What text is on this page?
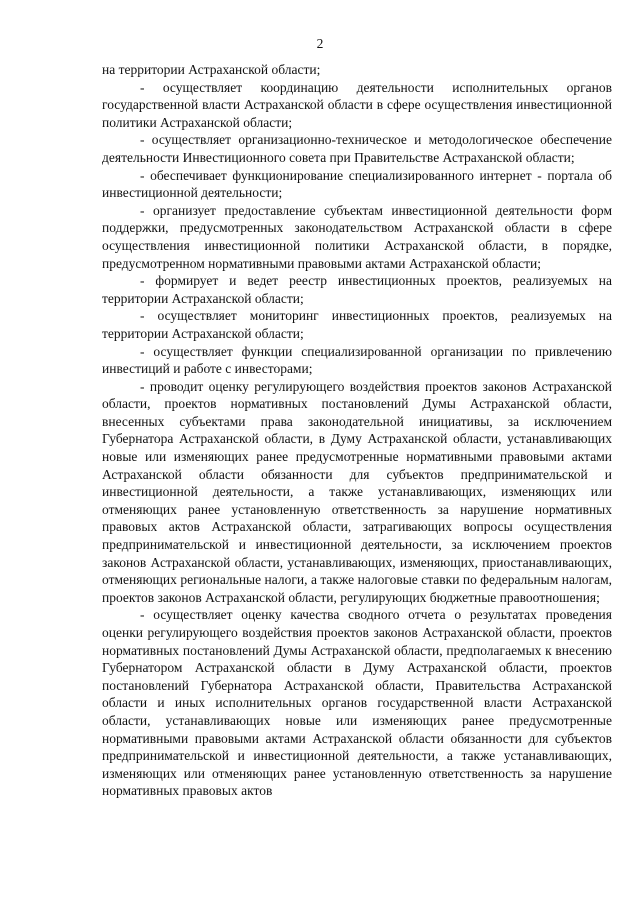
2

на территории Астраханской области;

- осуществляет координацию деятельности исполнительных органов государственной власти Астраханской области в сфере осуществления инвестиционной политики Астраханской области;

- осуществляет организационно-техническое и методологическое обеспечение деятельности Инвестиционного совета при Правительстве Астраханской области;

- обеспечивает функционирование специализированного интернет - портала об инвестиционной деятельности;

- организует предоставление субъектам инвестиционной деятельности форм поддержки, предусмотренных законодательством Астраханской области в сфере осуществления инвестиционной политики Астраханской области, в порядке, предусмотренном нормативными правовыми актами Астраханской области;

- формирует и ведет реестр инвестиционных проектов, реализуемых на территории Астраханской области;

- осуществляет мониторинг инвестиционных проектов, реализуемых на территории Астраханской области;

- осуществляет функции специализированной организации по привлечению инвестиций и работе с инвесторами;

- проводит оценку регулирующего воздействия проектов законов Астраханской области, проектов нормативных постановлений Думы Астраханской области, внесенных субъектами права законодательной инициативы, за исключением Губернатора Астраханской области, в Думу Астраханской области, устанавливающих новые или изменяющих ранее предусмотренные нормативными правовыми актами Астраханской области обязанности для субъектов предпринимательской и инвестиционной деятельности, а также устанавливающих, изменяющих или отменяющих ранее установленную ответственность за нарушение нормативных правовых актов Астраханской области, затрагивающих вопросы осуществления предпринимательской и инвестиционной деятельности, за исключением проектов законов Астраханской области, устанавливающих, изменяющих, приостанавливающих, отменяющих региональные налоги, а также налоговые ставки по федеральным налогам, проектов законов Астраханской области, регулирующих бюджетные правоотношения;

- осуществляет оценку качества сводного отчета о результатах проведения оценки регулирующего воздействия проектов законов Астраханской области, проектов нормативных постановлений Думы Астраханской области, предполагаемых к внесению Губернатором Астраханской области в Думу Астраханской области, проектов постановлений Губернатора Астраханской области, Правительства Астраханской области и иных исполнительных органов государственной власти Астраханской области, устанавливающих новые или изменяющих ранее предусмотренные нормативными правовыми актами Астраханской области обязанности для субъектов предпринимательской и инвестиционной деятельности, а также устанавливающих, изменяющих или отменяющих ранее установленную ответственность за нарушение нормативных правовых актов
